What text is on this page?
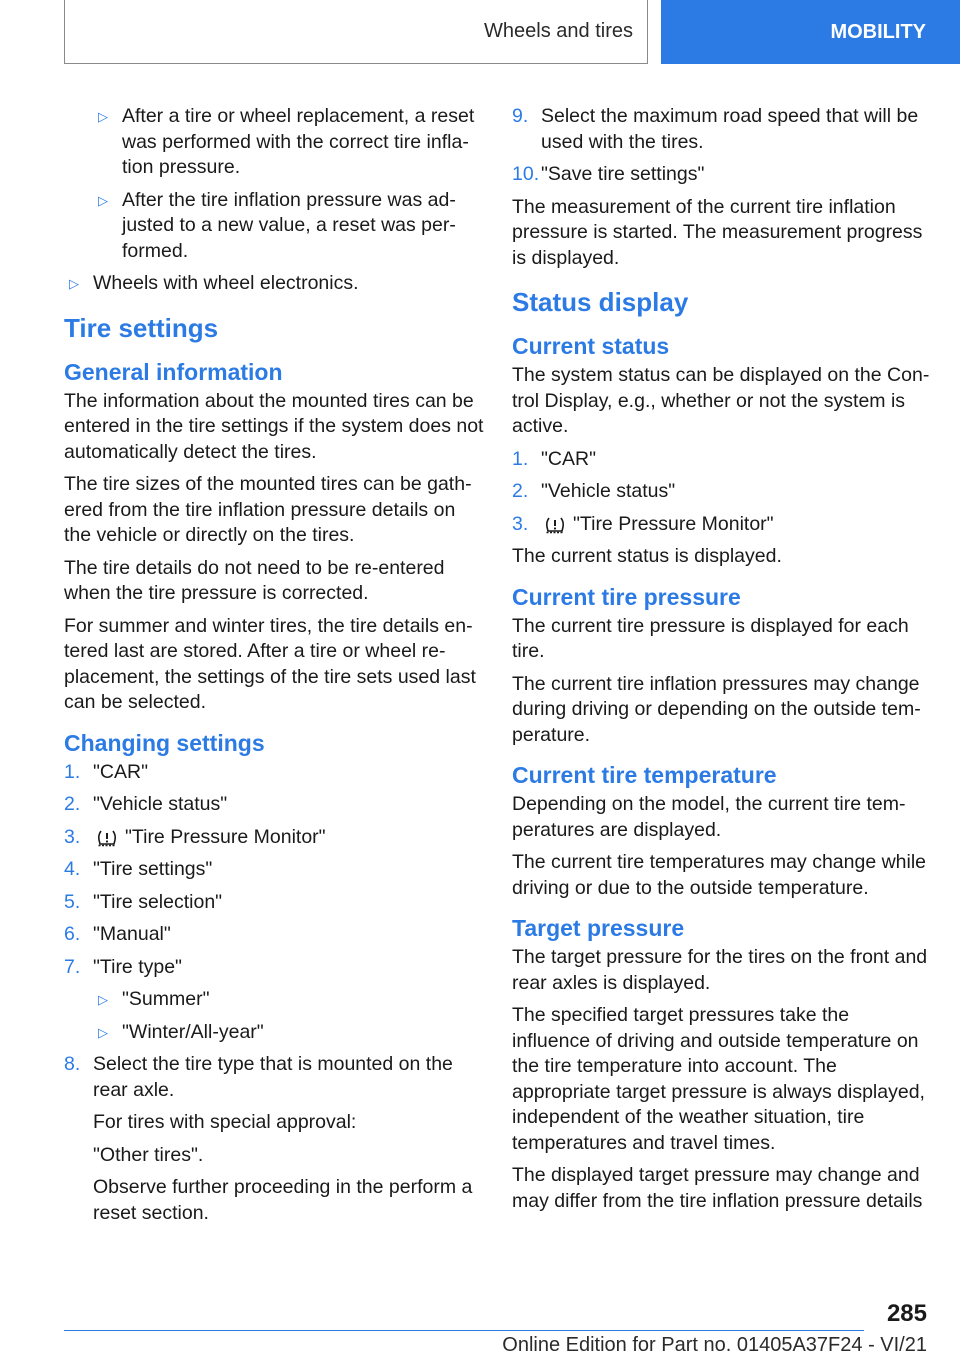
Wheels and tires	MOBILITY
▷ After a tire or wheel replacement, a reset was performed with the correct tire inflation pressure.
▷ After the tire inflation pressure was adjusted to a new value, a reset was performed.
▷ Wheels with wheel electronics.
Tire settings
General information

The information about the mounted tires can be entered in the tire settings if the system does not automatically detect the tires.

The tire sizes of the mounted tires can be gathered from the tire inflation pressure details on the vehicle or directly on the tires.

The tire details do not need to be re-entered when the tire pressure is corrected.

For summer and winter tires, the tire details entered last are stored. After a tire or wheel replacement, the settings of the tire sets used last can be selected.

Changing settings
1. "CAR"
2. "Vehicle status"
3.	"Tire Pressure Monitor"
4. "Tire settings"
5. "Tire selection"
6. "Manual"
7. "Tire type"
▷ "Summer"
▷ "Winter/All-year"
8. Select the tire type that is mounted on the rear axle.

For tires with special approval:

"Other tires".

Observe further proceeding in the perform a reset section.

9. Select the maximum road speed that will be used with the tires.
10. "Save tire settings"

The measurement of the current tire inflation pressure is started. The measurement progress is displayed.

Status display
Current status

The system status can be displayed on the Control Display, e.g., whether or not the system is active.

1. "CAR"
2. "Vehicle status"
3.	"Tire Pressure Monitor"

The current status is displayed.

Current tire pressure

The current tire pressure is displayed for each tire.

The current tire inflation pressures may change during driving or depending on the outside temperature.

Current tire temperature

Depending on the model, the current tire temperatures are displayed.

The current tire temperatures may change while driving or due to the outside temperature.

Target pressure

The target pressure for the tires on the front and rear axles is displayed.

The specified target pressures take the influence of driving and outside temperature on the tire temperature into account. The appropriate target pressure is always displayed, independent of the weather situation, tire temperatures and travel times.

The displayed target pressure may change and may differ from the tire inflation pressure details

285
Online Edition for Part no. 01405A37F24 - VI/21
